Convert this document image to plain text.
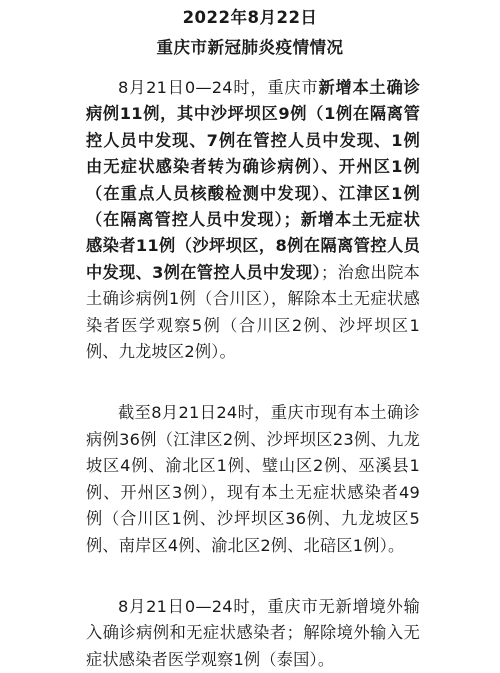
2022年8月22日
重庆市新冠肺炎疫情情况

8月21日0—24时，重庆市新增本土确诊病例11例，其中沙坪坝区9例（1例在隔离管控人员中发现、7例在管控人员中发现、1例由无症状感染者转为确诊病例）、开州区1例（在重点人员核酸检测中发现）、江津区1例（在隔离管控人员中发现）；新增本土无症状感染者11例（沙坪坝区，8例在隔离管控人员中发现、3例在管控人员中发现）；治愈出院本土确诊病例1例（合川区），解除本土无症状感染者医学观察5例（合川区2例、沙坪坝区1例、九龙坡区2例）。

截至8月21日24时，重庆市现有本土确诊病例36例（江津区2例、沙坪坝区23例、九龙坡区4例、渝北区1例、璧山区2例、巫溪县1例、开州区3例），现有本土无症状感染者49例（合川区1例、沙坪坝区36例、九龙坡区5例、南岸区4例、渝北区2例、北碚区1例）。

8月21日0—24时，重庆市无新增境外输入确诊病例和无症状感染者；解除境外输入无症状感染者医学观察1例（泰国）。
